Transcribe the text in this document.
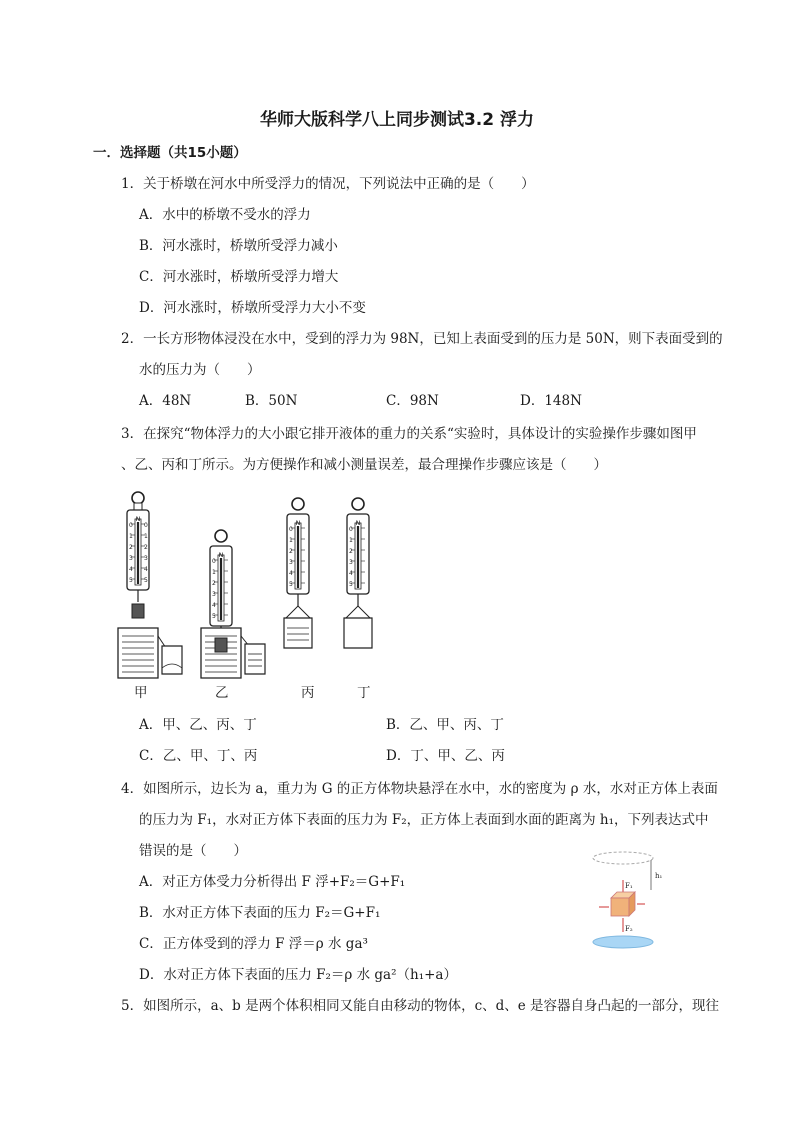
华师大版科学八上同步测试3.2 浮力
一．选择题（共15小题）
1．关于桥墩在河水中所受浮力的情况，下列说法中正确的是（　　）
A．水中的桥墩不受水的浮力
B．河水涨时，桥墩所受浮力减小
C．河水涨时，桥墩所受浮力增大
D．河水涨时，桥墩所受浮力大小不变
2．一长方形物体浸没在水中，受到的浮力为 98N，已知上表面受到的压力是 50N，则下表面受到的
水的压力为（　　）
A．48N	B．50N	C．98N	D．148N
3．在探究“物体浮力的大小跟它排开液体的重力的关系“实验时，具体设计的实验操作步骤如图甲
、乙、丙和丁所示。为方便操作和减小测量误差，最合理操作步骤应该是（　　）
N
0
1
2
3
4
5
0
1
2
3
4
5
N
0
1
2
3
4
5
N
0
1
2
3
4
5
N
0
1
2
3
4
5
甲	乙	丙	丁
A．甲、乙、丙、丁	B．乙、甲、丙、丁
C．乙、甲、丁、丙	D．丁、甲、乙、丙
4．如图所示，边长为 a，重力为 G 的正方体物块悬浮在水中，水的密度为 ρ 水，水对正方体上表面
的压力为 F₁，水对正方体下表面的压力为 F₂，正方体上表面到水面的距离为 h₁，下列表达式中
错误的是（　　）
A．对正方体受力分析得出 F 浮+F₂＝G+F₁
B．水对正方体下表面的压力 F₂＝G+F₁
C．正方体受到的浮力 F 浮＝ρ 水 ga³
D．水对正方体下表面的压力 F₂＝ρ 水 ga²（h₁+a）
h₁
F₁
F₂
5．如图所示，a、b 是两个体积相同又能自由移动的物体，c、d、e 是容器自身凸起的一部分，现往
